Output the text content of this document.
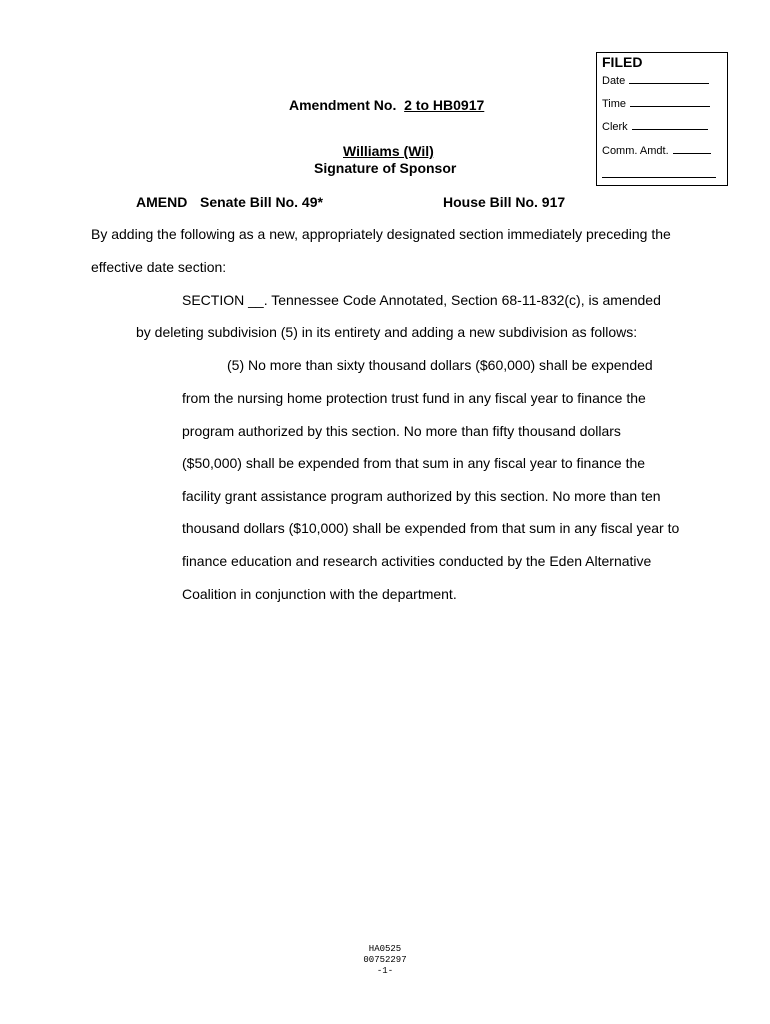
FILED
Date
Time
Clerk
Comm. Amdt.
Amendment No. 2 to HB0917
Williams (Wil)
Signature of Sponsor
AMEND Senate Bill No. 49*	House Bill No. 917
By adding the following as a new, appropriately designated section immediately preceding the
effective date section:
SECTION __. Tennessee Code Annotated, Section 68-11-832(c), is amended
by deleting subdivision (5) in its entirety and adding a new subdivision as follows:
(5) No more than sixty thousand dollars ($60,000) shall be expended
from the nursing home protection trust fund in any fiscal year to finance the
program authorized by this section. No more than fifty thousand dollars
($50,000) shall be expended from that sum in any fiscal year to finance the
facility grant assistance program authorized by this section. No more than ten
thousand dollars ($10,000) shall be expended from that sum in any fiscal year to
finance education and research activities conducted by the Eden Alternative
Coalition in conjunction with the department.
HA0525
00752297
-1-
